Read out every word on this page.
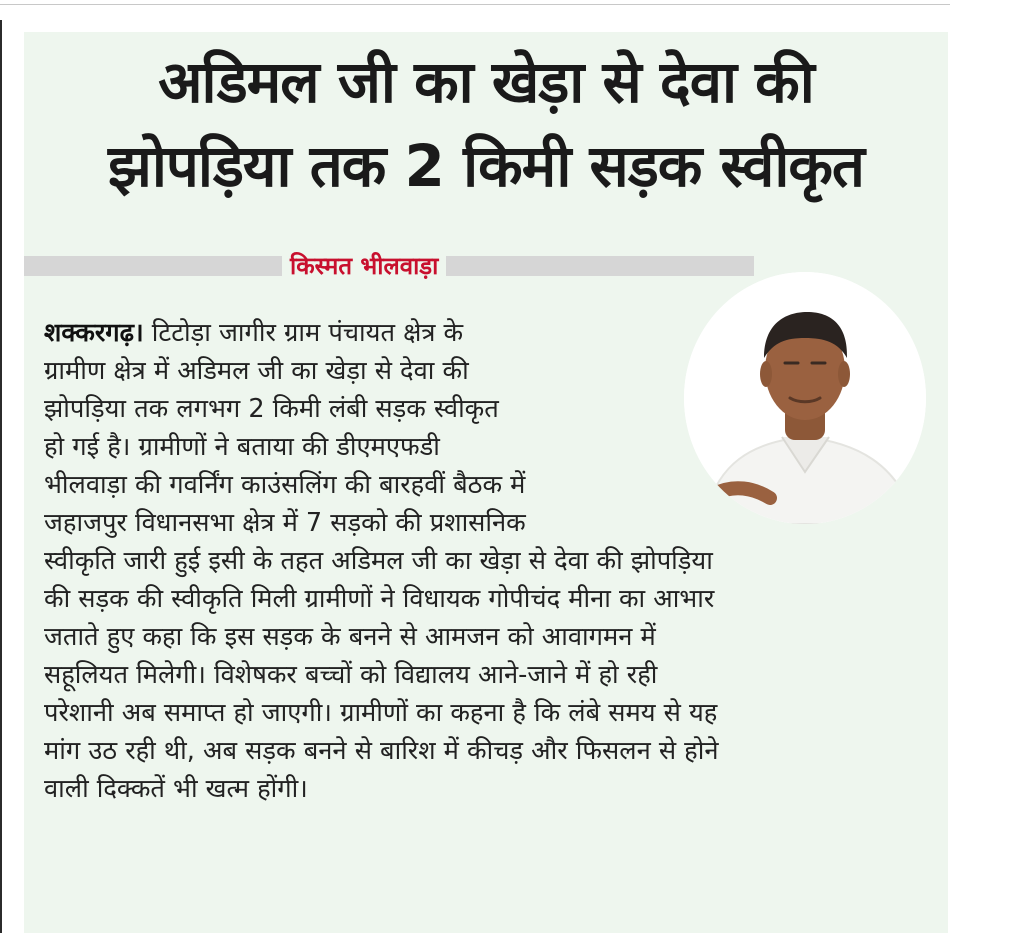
अडिमल जी का खेड़ा से देवा की
झोपड़िया तक 2 किमी सड़क स्वीकृत
किस्मत भीलवाड़ा
शक्करगढ़। टिटोड़ा जागीर ग्राम पंचायत क्षेत्र के
ग्रामीण क्षेत्र में अडिमल जी का खेड़ा से देवा की
झोपड़िया तक लगभग 2 किमी लंबी सड़क स्वीकृत
हो गई है। ग्रामीणों ने बताया की डीएमएफडी
भीलवाड़ा की गवर्निंग काउंसलिंग की बारहवीं बैठक में
जहाजपुर विधानसभा क्षेत्र में 7 सड़को की प्रशासनिक
स्वीकृति जारी हुई इसी के तहत अडिमल जी का खेड़ा से देवा की झोपड़िया
की सड़क की स्वीकृति मिली ग्रामीणों ने विधायक गोपीचंद मीना का आभार
जताते हुए कहा कि इस सड़क के बनने से आमजन को आवागमन में
सहूलियत मिलेगी। विशेषकर बच्चों को विद्यालय आने-जाने में हो रही
परेशानी अब समाप्त हो जाएगी। ग्रामीणों का कहना है कि लंबे समय से यह
मांग उठ रही थी, अब सड़क बनने से बारिश में कीचड़ और फिसलन से होने
वाली दिक्कतें भी खत्म होंगी।
